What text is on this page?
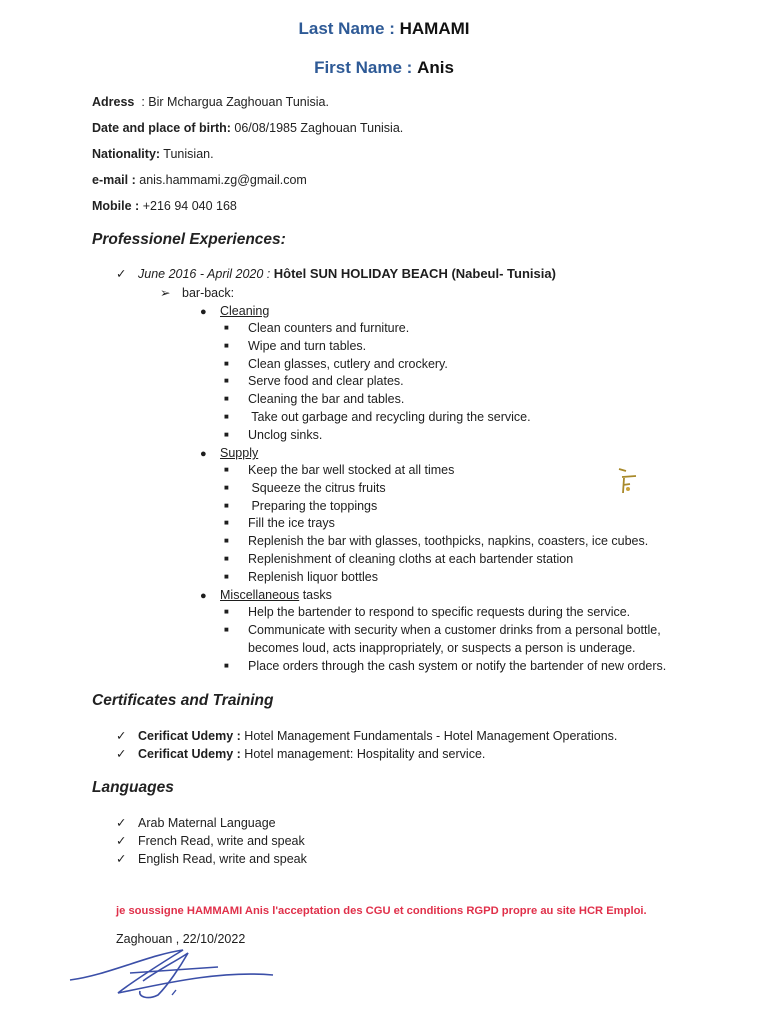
Last Name : HAMAMI
First Name : Anis
Adress : Bir Mchargua Zaghouan Tunisia.
Date and place of birth: 06/08/1985 Zaghouan Tunisia.
Nationality: Tunisian.
e-mail : anis.hammami.zg@gmail.com
Mobile : +216 94 040 168
Professionel Experiences:
✓ June 2016 - April 2020 : Hôtel SUN HOLIDAY BEACH (Nabeul- Tunisia)
➢ bar-back:
● Cleaning
■ Clean counters and furniture.
■ Wipe and turn tables.
■ Clean glasses, cutlery and crockery.
■ Serve food and clear plates.
■ Cleaning the bar and tables.
■ Take out garbage and recycling during the service.
■ Unclog sinks.
● Supply
■ Keep the bar well stocked at all times
■ Squeeze the citrus fruits
■ Preparing the toppings
■ Fill the ice trays
■ Replenish the bar with glasses, toothpicks, napkins, coasters, ice cubes.
■ Replenishment of cleaning cloths at each bartender station
■ Replenish liquor bottles
● Miscellaneous tasks
■ Help the bartender to respond to specific requests during the service.
■ Communicate with security when a customer drinks from a personal bottle,
becomes loud, acts inappropriately, or suspects a person is underage.
■ Place orders through the cash system or notify the bartender of new orders.
Certificates and Training
✓ Cerificat Udemy : Hotel Management Fundamentals - Hotel Management Operations.
✓ Cerificat Udemy : Hotel management: Hospitality and service.
Languages
✓ Arab Maternal Language
✓ French Read, write and speak
✓ English Read, write and speak
je soussigne HAMMAMI Anis l'acceptation des CGU et conditions RGPD propre au site HCR Emploi.
Zaghouan , 22/10/2022
